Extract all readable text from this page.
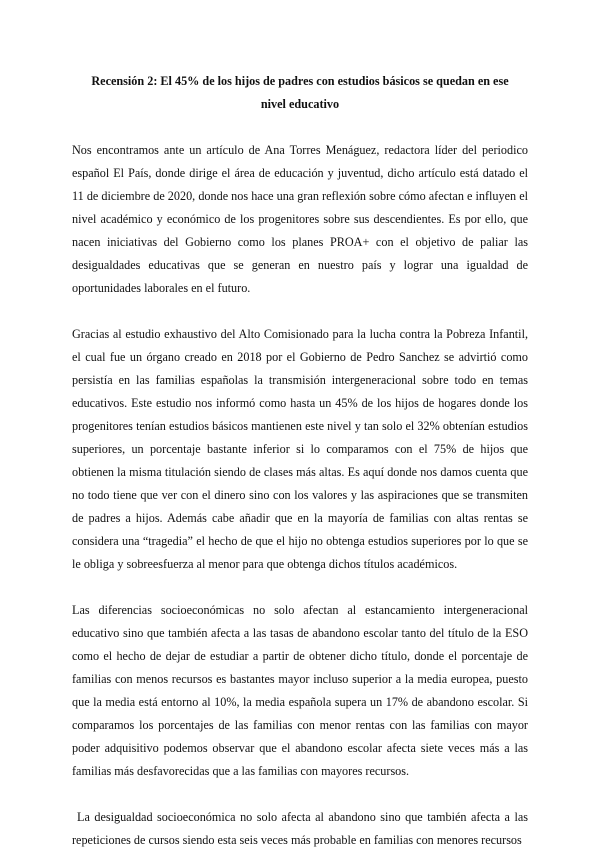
Recensión 2: El 45% de los hijos de padres con estudios básicos se quedan en ese nivel educativo

Nos encontramos ante un artículo de Ana Torres Menáguez, redactora líder del periodico español El País, donde dirige el área de educación y juventud, dicho artículo está datado el 11 de diciembre de 2020, donde nos hace una gran reflexión sobre cómo afectan e influyen el nivel académico y económico de los progenitores sobre sus descendientes. Es por ello, que nacen iniciativas del Gobierno como los planes PROA+ con el objetivo de paliar las desigualdades educativas que se generan en nuestro país y lograr una igualdad de oportunidades laborales en el futuro.

Gracias al estudio exhaustivo del Alto Comisionado para la lucha contra la Pobreza Infantil, el cual fue un órgano creado en 2018 por el Gobierno de Pedro Sanchez se advirtió como persistía en las familias españolas la transmisión intergeneracional sobre todo en temas educativos. Este estudio nos informó como hasta un 45% de los hijos de hogares donde los progenitores tenían estudios básicos mantienen este nivel y tan solo el 32% obtenían estudios superiores, un porcentaje bastante inferior si lo comparamos con el 75% de hijos que obtienen la misma titulación siendo de clases más altas. Es aquí donde nos damos cuenta que no todo tiene que ver con el dinero sino con los valores y las aspiraciones que se transmiten de padres a hijos. Además cabe añadir que en la mayoría de familias con altas rentas se considera una “tragedia” el hecho de que el hijo no obtenga estudios superiores por lo que se le obliga y sobreesfuerza al menor para que obtenga dichos títulos académicos.

Las diferencias socioeconómicas no solo afectan al estancamiento intergeneracional educativo sino que también afecta a las tasas de abandono escolar tanto del título de la ESO como el hecho de dejar de estudiar a partir de obtener dicho título, donde el porcentaje de familias con menos recursos es bastantes mayor incluso superior a la media europea, puesto que la media está entorno al 10%, la media española supera un 17% de abandono escolar. Si comparamos los porcentajes de las familias con menor rentas con las familias con mayor poder adquisitivo podemos observar que el abandono escolar afecta siete veces más a las familias más desfavorecidas que a las familias con mayores recursos.

La desigualdad socioeconómica no solo afecta al abandono sino que también afecta a las repeticiones de cursos siendo esta seis veces más probable en familias con menores recursos
